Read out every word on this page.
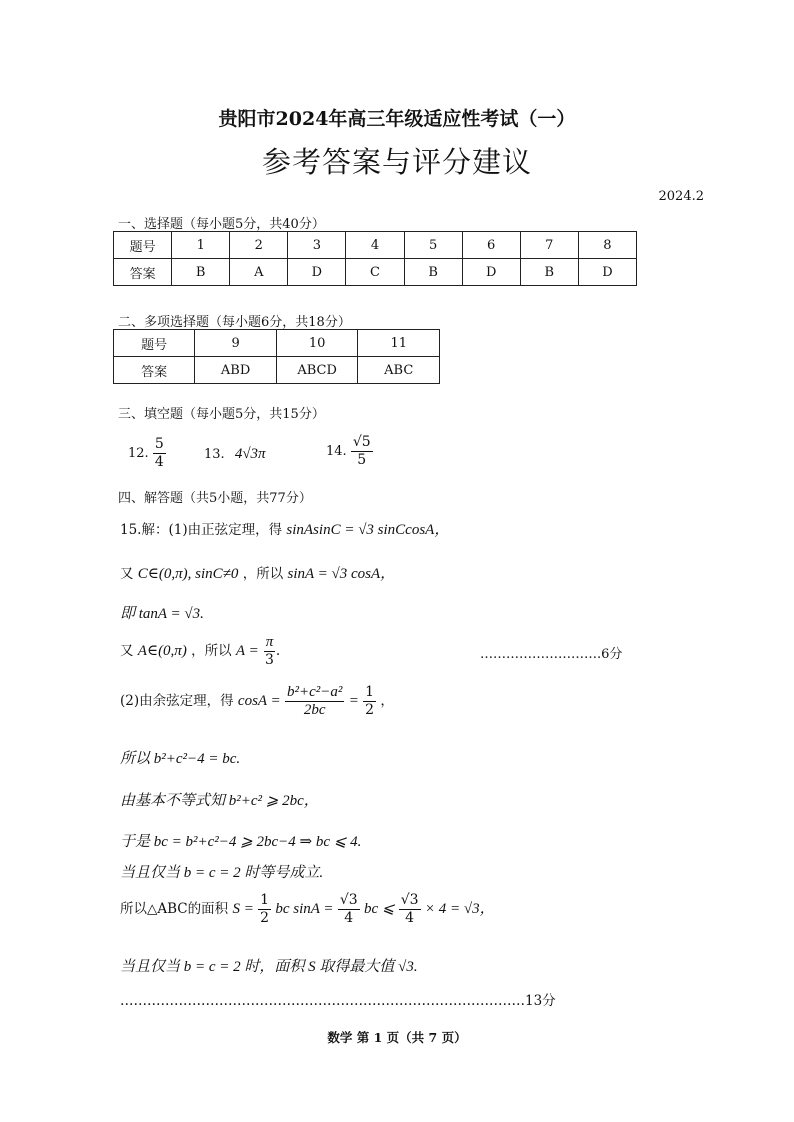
贵阳市2024年高三年级适应性考试（一）
参考答案与评分建议
2024.2
一、选择题（每小题5分，共40分）
题号	1	2	3	4	5	6	7	8
答案	B	A	D	C	B	D	B	D
二、多项选择题（每小题6分，共18分）
题号	9	10	11
答案	ABD	ABCD	ABC
三、填空题（每小题5分，共15分）
12. $\frac{5}{4}$	13. 4√3π	14. $\frac{√5}{5}$
四、解答题（共5小题，共77分）
15.解：(1)由正弦定理，得 sinAsinC = √3 sinCcosA，
又 C∈(0,π), sinC≠0 ，所以 sinA = √3 cosA，
即 tanA = √3.
又 A∈(0,π) ，所以 $A = \frac{\pi}{3}$ .	……………………….6分
(2)由余弦定理，得 $\cos A = \frac{\text{b²+c²−a²}}{2bc} = \frac{1}{2}$ ，
所以 b²+c²−4 = bc.
由基本不等式知 b²+c² ⩾ 2bc，
于是 bc = b²+c²−4 ⩾ 2bc−4 ⇒ bc ⩽ 4.
当且仅当 b = c = 2 时等号成立.
所以△ABC的面积 $S = \frac{1}{2}$ bc $\sin A = \frac{√3}{4}$ bc ⩽ $\frac{√3}{4} \times 4 = √3$，
当且仅当 b = c = 2 时，面积 S 取得最大值 √3.
………………………………………………………………………………13分
数学 第 1 页（共 7 页）
